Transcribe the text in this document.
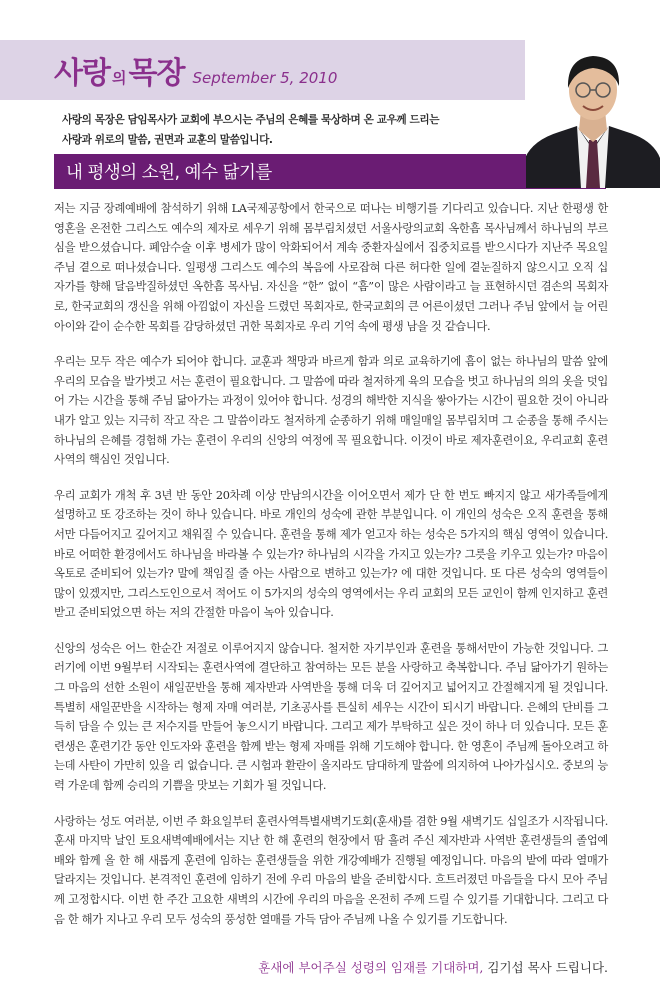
사랑 의 목장 September 5, 2010
사랑의 목장은 담임목사가 교회에 부으시는 주님의 은혜를 묵상하며 온 교우께 드리는
사랑과 위로의 말씀, 권면과 교훈의 말씀입니다.
내 평생의 소원, 예수 닮기를

저는 지금 장례예배에 참석하기 위해 LA국제공항에서 한국으로 떠나는 비행기를 기다리고 있습니다. 지난 한평생 한 영혼을 온전한 그리스도 예수의 제자로 세우기 위해 몸부림치셨던 서울사랑의교회 옥한흠 목사님께서 하나님의 부르심을 받으셨습니다. 폐암수술 이후 병세가 많이 악화되어서 계속 중환자실에서 집중치료를 받으시다가 지난주 목요일 주님 곁으로 떠나셨습니다. 일평생 그리스도 예수의 복음에 사로잡혀 다른 허다한 일에 곁눈질하지 않으시고 오직 십자가를 향해 달음박질하셨던 옥한흠 목사님. 자신을 “한” 없이 “흠”이 많은 사람이라고 늘 표현하시던 겸손의 목회자로, 한국교회의 갱신을 위해 아낌없이 자신을 드렸던 목회자로, 한국교회의 큰 어른이셨던 그러나 주님 앞에서 늘 어린 아이와 같이 순수한 목회를 감당하셨던 귀한 목회자로 우리 기억 속에 평생 남을 것 같습니다.

우리는 모두 작은 예수가 되어야 합니다. 교훈과 책망과 바르게 함과 의로 교육하기에 흠이 없는 하나님의 말씀 앞에 우리의 모습을 발가벗고 서는 훈련이 필요합니다. 그 말씀에 따라 철저하게 육의 모습을 벗고 하나님의 의의 옷을 덧입어 가는 시간을 통해 주님 닮아가는 과정이 있어야 합니다. 성경의 해박한 지식을 쌓아가는 시간이 필요한 것이 아니라 내가 알고 있는 지극히 작고 작은 그 말씀이라도 철저하게 순종하기 위해 매일매일 몸부림치며 그 순종을 통해 주시는 하나님의 은혜를 경험해 가는 훈련이 우리의 신앙의 여정에 꼭 필요합니다. 이것이 바로 제자훈련이요, 우리교회 훈련사역의 핵심인 것입니다.

우리 교회가 개척 후 3년 반 동안 20차례 이상 만남의시간을 이어오면서 제가 단 한 번도 빠지지 않고 새가족들에게 설명하고 또 강조하는 것이 하나 있습니다. 바로 개인의 성숙에 관한 부분입니다. 이 개인의 성숙은 오직 훈련을 통해서만 다듬어지고 깊어지고 채워질 수 있습니다. 훈련을 통해 제가 얻고자 하는 성숙은 5가지의 핵심 영역이 있습니다. 바로 어떠한 환경에서도 하나님을 바라볼 수 있는가? 하나님의 시각을 가지고 있는가? 그릇을 키우고 있는가? 마음이 옥토로 준비되어 있는가? 말에 책임질 줄 아는 사람으로 변하고 있는가? 에 대한 것입니다. 또 다른 성숙의 영역들이 많이 있겠지만, 그리스도인으로서 적어도 이 5가지의 성숙의 영역에서는 우리 교회의 모든 교인이 함께 인지하고 훈련받고 준비되었으면 하는 저의 간절한 마음이 녹아 있습니다.

신앙의 성숙은 어느 한순간 저절로 이루어지지 않습니다. 철저한 자기부인과 훈련을 통해서만이 가능한 것입니다. 그러기에 이번 9월부터 시작되는 훈련사역에 결단하고 참여하는 모든 분을 사랑하고 축복합니다. 주님 닮아가기 원하는 그 마음의 선한 소원이 새일꾼반을 통해 제자반과 사역반을 통해 더욱 더 깊어지고 넓어지고 간절해지게 될 것입니다. 특별히 새일꾼반을 시작하는 형제 자매 여러분, 기초공사를 튼실히 세우는 시간이 되시기 바랍니다. 은혜의 단비를 그득히 담을 수 있는 큰 저수지를 만들어 놓으시기 바랍니다. 그리고 제가 부탁하고 싶은 것이 하나 더 있습니다. 모든 훈련생은 훈련기간 동안 인도자와 훈련을 함께 받는 형제 자매를 위해 기도해야 합니다. 한 영혼이 주님께 돌아오려고 하는데 사탄이 가만히 있을 리 없습니다. 큰 시험과 환란이 올지라도 담대하게 말씀에 의지하여 나아가십시오. 중보의 능력 가운데 함께 승리의 기쁨을 맛보는 기회가 될 것입니다.

사랑하는 성도 여러분, 이번 주 화요일부터 훈련사역특별새벽기도회(훈새)를 겸한 9월 새벽기도 십일조가 시작됩니다. 훈새 마지막 날인 토요새벽예배에서는 지난 한 해 훈련의 현장에서 땀 흘려 주신 제자반과 사역반 훈련생들의 졸업예배와 함께 올 한 해 새롭게 훈련에 임하는 훈련생들을 위한 개강예배가 진행될 예정입니다. 마음의 밭에 따라 열매가 달라지는 것입니다. 본격적인 훈련에 임하기 전에 우리 마음의 밭을 준비합시다. 흐트러졌던 마음들을 다시 모아 주님께 고정합시다. 이번 한 주간 고요한 새벽의 시간에 우리의 마음을 온전히 주께 드릴 수 있기를 기대합니다. 그리고 다음 한 해가 지나고 우리 모두 성숙의 풍성한 열매를 가득 담아 주님께 나올 수 있기를 기도합니다.

훈새에 부어주실 성령의 임재를 기대하며, 김기섭 목사 드립니다.
